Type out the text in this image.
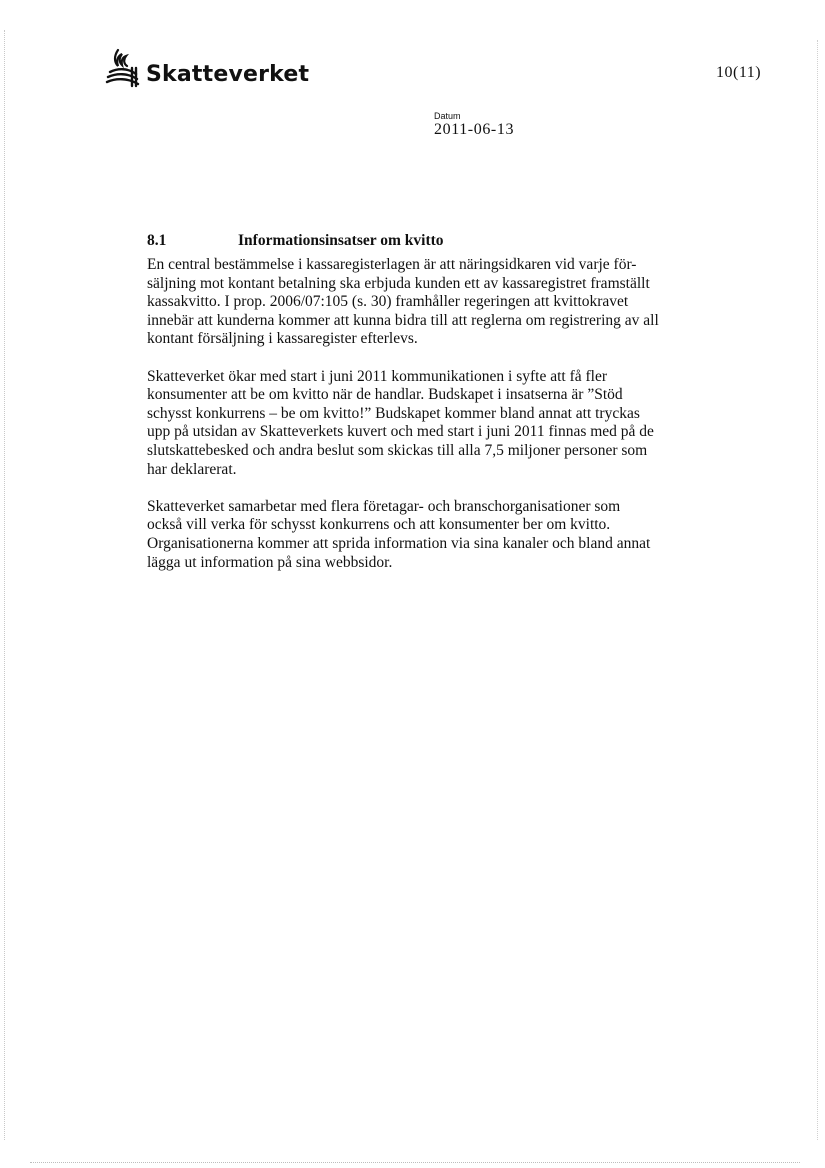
Skatteverket	10(11)
Datum
2011-06-13
8.1	Informationsinsatser om kvitto

En central bestämmelse i kassaregisterlagen är att näringsidkaren vid varje för-
säljning mot kontant betalning ska erbjuda kunden ett av kassaregistret framställt
kassakvitto. I prop. 2006/07:105 (s. 30) framhåller regeringen att kvittokravet
innebär att kunderna kommer att kunna bidra till att reglerna om registrering av all
kontant försäljning i kassaregister efterlevs.

Skatteverket ökar med start i juni 2011 kommunikationen i syfte att få fler
konsumenter att be om kvitto när de handlar. Budskapet i insatserna är ”Stöd
schysst konkurrens – be om kvitto!” Budskapet kommer bland annat att tryckas
upp på utsidan av Skatteverkets kuvert och med start i juni 2011 finnas med på de
slutskattebesked och andra beslut som skickas till alla 7,5 miljoner personer som
har deklarerat.

Skatteverket samarbetar med flera företagar- och branschorganisationer som
också vill verka för schysst konkurrens och att konsumenter ber om kvitto.
Organisationerna kommer att sprida information via sina kanaler och bland annat
lägga ut information på sina webbsidor.
